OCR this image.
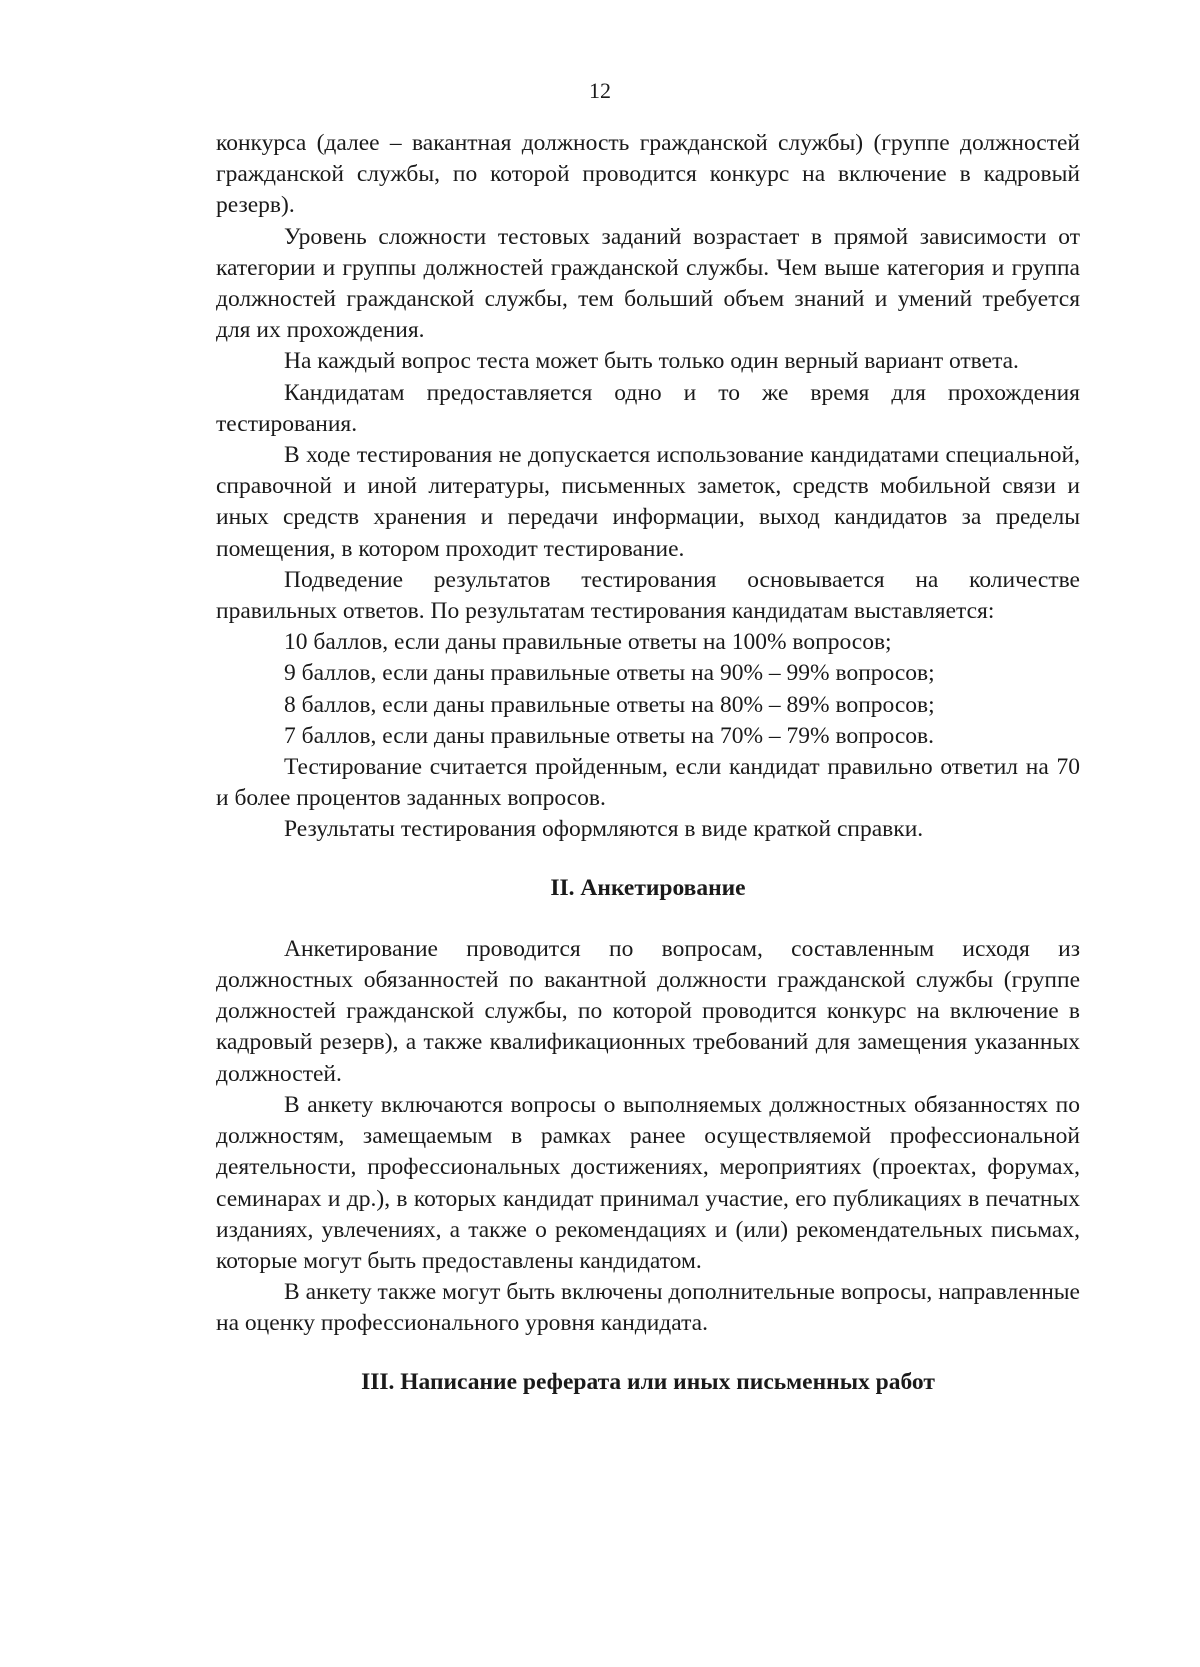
12

конкурса (далее – вакантная должность гражданской службы) (группе должностей гражданской службы, по которой проводится конкурс на включение в кадровый резерв).

Уровень сложности тестовых заданий возрастает в прямой зависимости от категории и группы должностей гражданской службы. Чем выше категория и группа должностей гражданской службы, тем больший объем знаний и умений требуется для их прохождения.

На каждый вопрос теста может быть только один верный вариант ответа.

Кандидатам предоставляется одно и то же время для прохождения тестирования.

В ходе тестирования не допускается использование кандидатами специальной, справочной и иной литературы, письменных заметок, средств мобильной связи и иных средств хранения и передачи информации, выход кандидатов за пределы помещения, в котором проходит тестирование.

Подведение результатов тестирования основывается на количестве правильных ответов. По результатам тестирования кандидатам выставляется:

10 баллов, если даны правильные ответы на 100% вопросов;

9 баллов, если даны правильные ответы на 90% – 99% вопросов;

8 баллов, если даны правильные ответы на 80% – 89% вопросов;

7 баллов, если даны правильные ответы на 70% – 79% вопросов.

Тестирование считается пройденным, если кандидат правильно ответил на 70 и более процентов заданных вопросов.

Результаты тестирования оформляются в виде краткой справки.

II. Анкетирование

Анкетирование проводится по вопросам, составленным исходя из должностных обязанностей по вакантной должности гражданской службы (группе должностей гражданской службы, по которой проводится конкурс на включение в кадровый резерв), а также квалификационных требований для замещения указанных должностей.

В анкету включаются вопросы о выполняемых должностных обязанностях по должностям, замещаемым в рамках ранее осуществляемой профессиональной деятельности, профессиональных достижениях, мероприятиях (проектах, форумах, семинарах и др.), в которых кандидат принимал участие, его публикациях в печатных изданиях, увлечениях, а также о рекомендациях и (или) рекомендательных письмах, которые могут быть предоставлены кандидатом.

В анкету также могут быть включены дополнительные вопросы, направленные на оценку профессионального уровня кандидата.

III. Написание реферата или иных письменных работ
